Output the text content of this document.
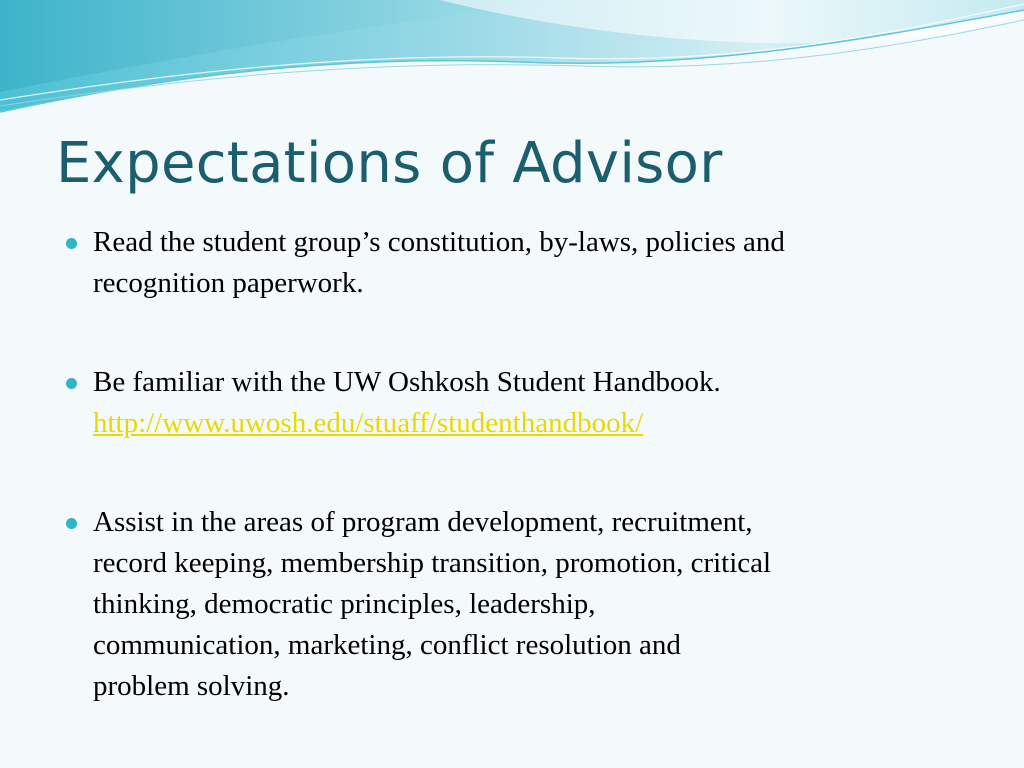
Expectations of Advisor
Read the student group’s constitution, by-laws, policies and
recognition paperwork.
Be familiar with the UW Oshkosh Student Handbook.
http://www.uwosh.edu/stuaff/studenthandbook/
Assist in the areas of program development, recruitment,
record keeping, membership transition, promotion, critical
thinking, democratic principles, leadership,
communication, marketing, conflict resolution and
problem solving.
